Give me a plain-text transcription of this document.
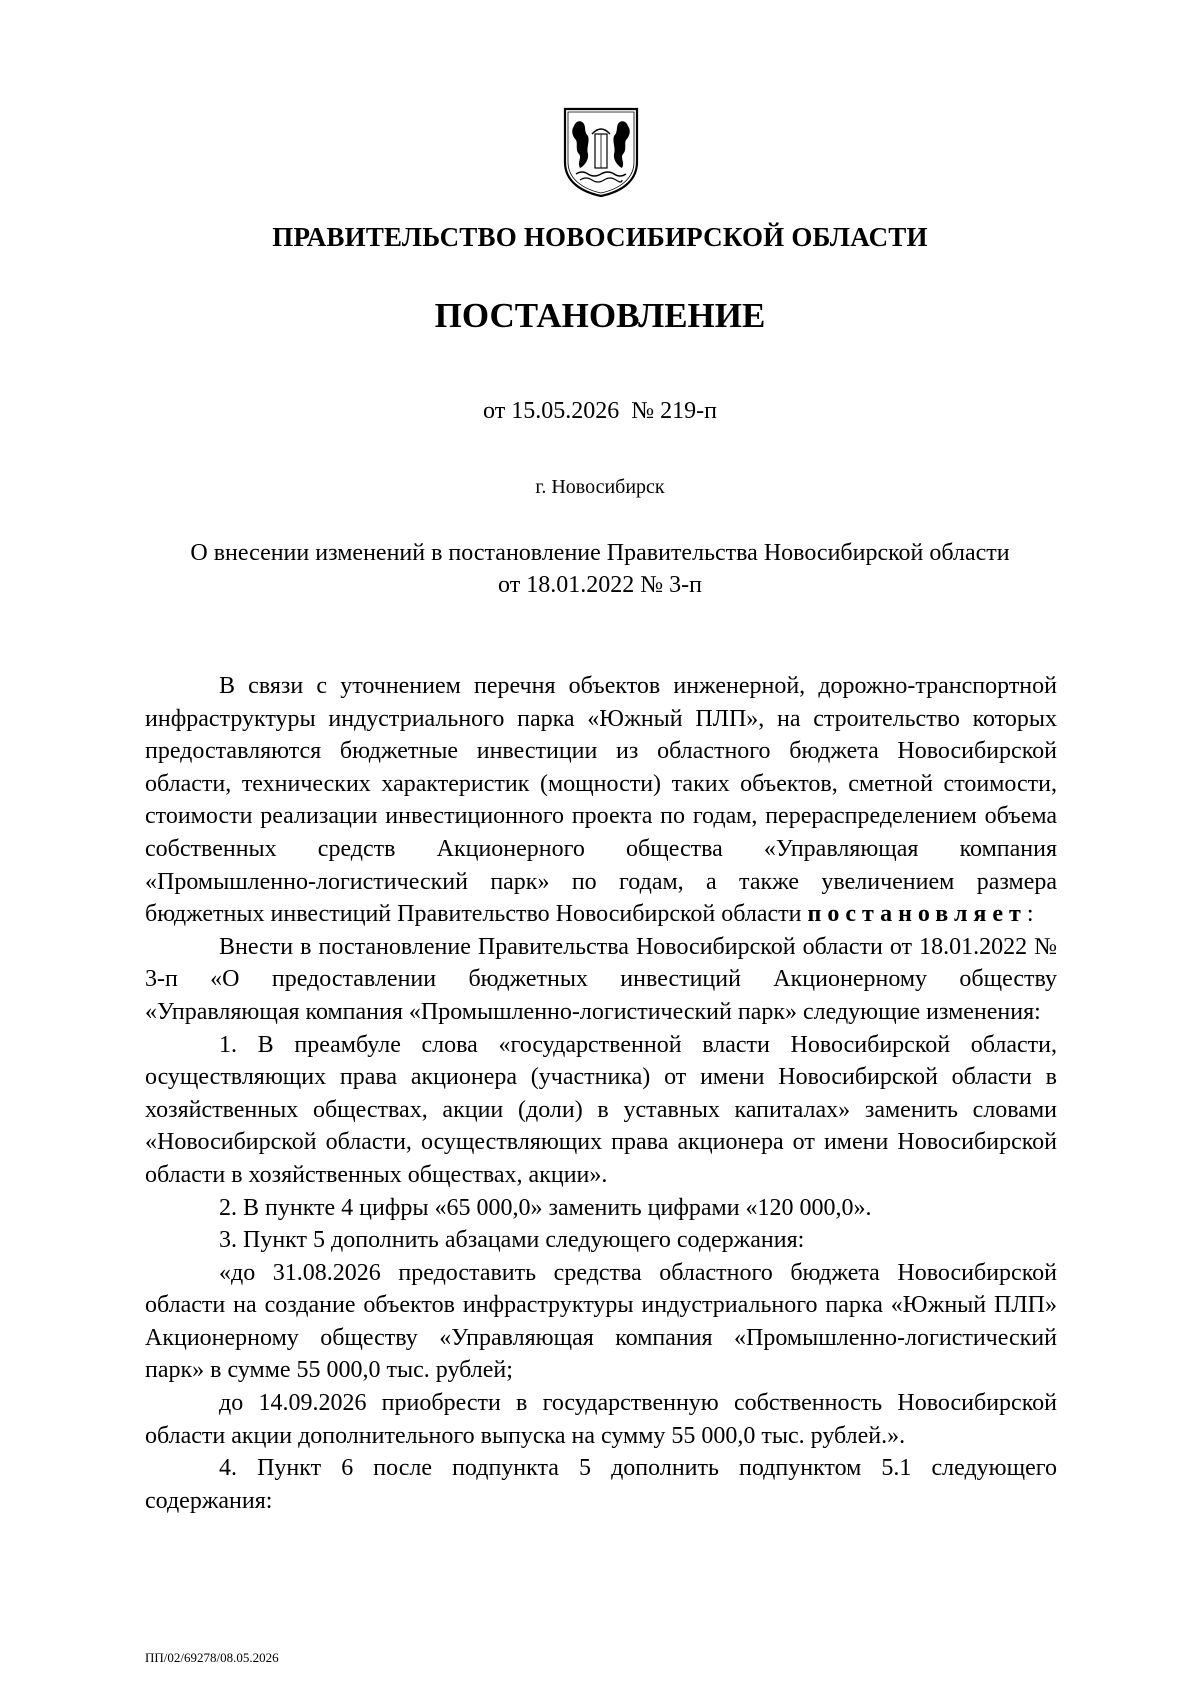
ПРАВИТЕЛЬСТВО НОВОСИБИРСКОЙ ОБЛАСТИ
ПОСТАНОВЛЕНИЕ
от 15.05.2026  № 219-п
г. Новосибирск
О внесении изменений в постановление Правительства Новосибирской области
от 18.01.2022 № 3-п

В связи с уточнением перечня объектов инженерной, дорожно-транспортной инфраструктуры индустриального парка «Южный ПЛП», на строительство которых предоставляются бюджетные инвестиции из областного бюджета Новосибирской области, технических характеристик (мощности) таких объектов, сметной стоимости, стоимости реализации инвестиционного проекта по годам, перераспределением объема собственных средств Акционерного общества «Управляющая компания «Промышленно-логистический парк» по годам, а также увеличением размера бюджетных инвестиций Правительство Новосибирской области постановляет:

Внести в постановление Правительства Новосибирской области от 18.01.2022 № 3-п «О предоставлении бюджетных инвестиций Акционерному обществу «Управляющая компания «Промышленно-логистический парк» следующие изменения:

1. В преамбуле слова «государственной власти Новосибирской области, осуществляющих права акционера (участника) от имени Новосибирской области в хозяйственных обществах, акции (доли) в уставных капиталах» заменить словами «Новосибирской области, осуществляющих права акционера от имени Новосибирской области в хозяйственных обществах, акции».

2. В пункте 4 цифры «65 000,0» заменить цифрами «120 000,0».

3. Пункт 5 дополнить абзацами следующего содержания:

«до 31.08.2026 предоставить средства областного бюджета Новосибирской области на создание объектов инфраструктуры индустриального парка «Южный ПЛП» Акционерному обществу «Управляющая компания «Промышленно-логистический парк» в сумме 55 000,0 тыс. рублей;

до 14.09.2026 приобрести в государственную собственность Новосибирской области акции дополнительного выпуска на сумму 55 000,0 тыс. рублей.».

4. Пункт 6 после подпункта 5 дополнить подпунктом 5.1 следующего содержания:

ПП/02/69278/08.05.2026
